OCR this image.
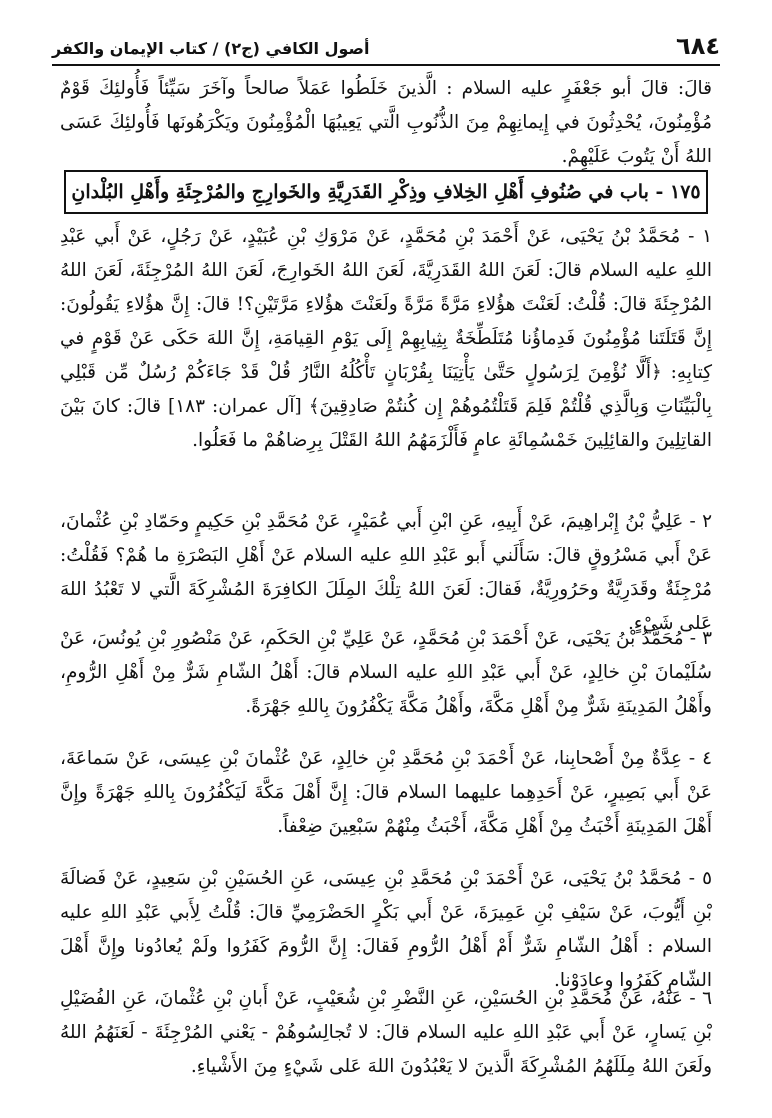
٦٨٤
أصول الكافي (ج٢) / كتاب الإيمان والكفر

قالَ: قالَ أبو جَعْفَرٍ عليه السلام : الَّذينَ خَلَطُوا عَمَلاً صالحاً وآخَرَ سَيِّئاً فَأُولئِكَ قَوْمٌ مُؤْمِنُونَ، يُحْدِثُونَ في إِيمانِهِمْ مِنَ الذُّنُوبِ الَّتي يَعِيبُهَا الْمُؤْمِنُونَ ويَكْرَهُونَها فَأُولئِكَ عَسَى اللهُ أَنْ يَتُوبَ عَلَيْهِمْ.

١٧٥ - باب في صُنُوفِ أَهْلِ الخِلافِ وذِكْرِ القَدَرِيَّةِ والخَوارِجِ والمُرْجِئَةِ وأَهْلِ البُلْدانِ

١ - مُحَمَّدُ بْنُ يَحْيَى، عَنْ أَحْمَدَ بْنِ مُحَمَّدٍ، عَنْ مَرْوَكِ بْنِ عُبَيْدٍ، عَنْ رَجُلٍ، عَنْ أَبي عَبْدِ اللهِ عليه السلام قالَ: لَعَنَ اللهُ القَدَرِيَّةَ، لَعَنَ اللهُ الخَوارِجَ، لَعَنَ اللهُ المُرْجِئَةَ، لَعَنَ اللهُ المُرْجِئَةَ قالَ: قُلْتُ: لَعَنْتَ هؤُلاءِ مَرَّةً مَرَّةً ولَعَنْتَ هؤُلاءِ مَرَّتَيْنِ؟! قالَ: إِنَّ هؤُلاءِ يَقُولُونَ: إِنَّ قَتَلَتَنا مُؤْمِنُونَ فَدِماؤُنا مُتَلَطِّخَةٌ بِثِيابِهِمْ إِلَى يَوْمِ القِيامَةِ، إِنَّ اللهَ حَكَى عَنْ قَوْمٍ في كِتابِهِ: ﴿أَلَّا نُؤْمِنَ لِرَسُولٍ حَتَّىٰ يَأْتِيَنَا بِقُرْبَانٍ تَأْكُلُهُ النَّارُ قُلْ قَدْ جَاءَكُمْ رُسُلٌ مِّن قَبْلِي بِالْبَيِّنَاتِ وَبِالَّذِي قُلْتُمْ فَلِمَ قَتَلْتُمُوهُمْ إِن كُنتُمْ صَادِقِينَ﴾ [آل عمران: ١٨٣] قالَ: كانَ بَيْنَ القاتِلِينَ والقائِلِينَ خَمْسُمِائَةِ عامٍ فَأَلْزَمَهُمُ اللهُ القَتْلَ بِرِضاهُمْ ما فَعَلُوا.

٢ - عَلِيُّ بْنُ إِبْراهِيمَ، عَنْ أَبِيهِ، عَنِ ابْنِ أَبي عُمَيْرٍ، عَنْ مُحَمَّدِ بْنِ حَكِيمٍ وحَمّادِ بْنِ عُثْمانَ، عَنْ أَبي مَسْرُوقٍ قالَ: سَأَلَني أَبو عَبْدِ اللهِ عليه السلام عَنْ أَهْلِ البَصْرَةِ ما هُمْ؟ فَقُلْتُ: مُرْجِئَةٌ وقَدَرِيَّةٌ وحَرُورِيَّةٌ، فَقالَ: لَعَنَ اللهُ تِلْكَ المِلَلَ الكافِرَةَ المُشْرِكَةَ الَّتي لا تَعْبُدُ اللهَ عَلى شَيْءٍ.

٣ - مُحَمَّدُ بْنُ يَحْيَى، عَنْ أَحْمَدَ بْنِ مُحَمَّدٍ، عَنْ عَلِيِّ بْنِ الحَكَمِ، عَنْ مَنْصُورِ بْنِ يُونُسَ، عَنْ سُلَيْمانَ بْنِ خالِدٍ، عَنْ أَبي عَبْدِ اللهِ عليه السلام قالَ: أَهْلُ الشّامِ شَرٌّ مِنْ أَهْلِ الرُّومِ، وأَهْلُ المَدِينَةِ شَرٌّ مِنْ أَهْلِ مَكَّةَ، وأَهْلُ مَكَّةَ يَكْفُرُونَ بِاللهِ جَهْرَةً.

٤ - عِدَّةٌ مِنْ أَصْحابِنا، عَنْ أَحْمَدَ بْنِ مُحَمَّدِ بْنِ خالِدٍ، عَنْ عُثْمانَ بْنِ عِيسَى، عَنْ سَماعَةَ، عَنْ أَبي بَصِيرٍ، عَنْ أَحَدِهِما عليهما السلام قالَ: إِنَّ أَهْلَ مَكَّةَ لَيَكْفُرُونَ بِاللهِ جَهْرَةً وإِنَّ أَهْلَ المَدِينَةِ أَخْبَثُ مِنْ أَهْلِ مَكَّةَ، أَخْبَثُ مِنْهُمْ سَبْعِينَ ضِعْفاً.

٥ - مُحَمَّدُ بْنُ يَحْيَى، عَنْ أَحْمَدَ بْنِ مُحَمَّدِ بْنِ عِيسَى، عَنِ الحُسَيْنِ بْنِ سَعِيدٍ، عَنْ فَضالَةَ بْنِ أَيُّوبَ، عَنْ سَيْفِ بْنِ عَمِيرَةَ، عَنْ أَبي بَكْرٍ الحَضْرَمِيِّ قالَ: قُلْتُ لِأَبي عَبْدِ اللهِ عليه السلام : أَهْلُ الشّامِ شَرٌّ أَمْ أَهْلُ الرُّومِ فَقالَ: إِنَّ الرُّومَ كَفَرُوا ولَمْ يُعادُونا وإِنَّ أَهْلَ الشّامِ كَفَرُوا وعادَوْنا.

٦ - عَنْهُ، عَنْ مُحَمَّدِ بْنِ الحُسَيْنِ، عَنِ النَّضْرِ بْنِ شُعَيْبٍ، عَنْ أَبانِ بْنِ عُثْمانَ، عَنِ الفُضَيْلِ بْنِ يَسارٍ، عَنْ أَبي عَبْدِ اللهِ عليه السلام قالَ: لا تُجالِسُوهُمْ - يَعْني المُرْجِئَةَ - لَعَنَهُمُ اللهُ ولَعَنَ اللهُ مِلَلَهُمُ المُشْرِكَةَ الَّذينَ لا يَعْبُدُونَ اللهَ عَلى شَيْءٍ مِنَ الأَشْياءِ.
